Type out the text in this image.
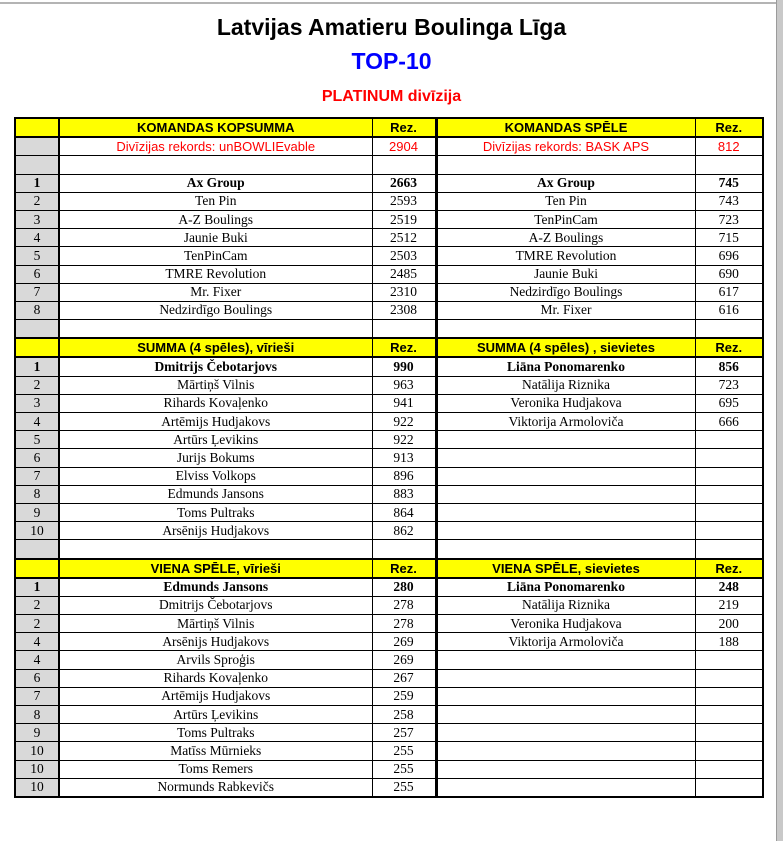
Latvijas Amatieru Boulinga Līga
TOP-10
PLATINUM divīzija
	KOMANDAS KOPSUMMA	Rez.	KOMANDAS SPĒLE	Rez.
	Divīzijas rekords: unBOWLIEvable	2904	Divīzijas rekords: BASK APS	812

1	Ax Group	2663	Ax Group	745
2	Ten Pin	2593	Ten Pin	743
3	A-Z Boulings	2519	TenPinCam	723
4	Jaunie Buki	2512	A-Z Boulings	715
5	TenPinCam	2503	TMRE Revolution	696
6	TMRE Revolution	2485	Jaunie Buki	690
7	Mr. Fixer	2310	Nedzirdīgo Boulings	617
8	Nedzirdīgo Boulings	2308	Mr. Fixer	616

	SUMMA (4 spēles), vīrieši	Rez.	SUMMA (4 spēles) , sievietes	Rez.
1	Dmitrijs Čebotarjovs	990	Liāna Ponomarenko	856
2	Mārtiņš Vilnis	963	Natālija Riznika	723
3	Rihards Kovaļenko	941	Veronika Hudjakova	695
4	Artēmijs Hudjakovs	922	Viktorija Armoloviča	666
5	Artūrs Ļevikins	922		
6	Jurijs Bokums	913		
7	Elviss Volkops	896		
8	Edmunds Jansons	883		
9	Toms Pultraks	864		
10	Arsēnijs Hudjakovs	862		

	VIENA SPĒLE, vīrieši	Rez.	VIENA SPĒLE, sievietes	Rez.
1	Edmunds Jansons	280	Liāna Ponomarenko	248
2	Dmitrijs Čebotarjovs	278	Natālija Riznika	219
2	Mārtiņš Vilnis	278	Veronika Hudjakova	200
4	Arsēnijs Hudjakovs	269	Viktorija Armoloviča	188
4	Arvils Sproģis	269		
6	Rihards Kovaļenko	267		
7	Artēmijs Hudjakovs	259		
8	Artūrs Ļevikins	258		
9	Toms Pultraks	257		
10	Matīss Mūrnieks	255		
10	Toms Remers	255		
10	Normunds Rabkevičs	255		
